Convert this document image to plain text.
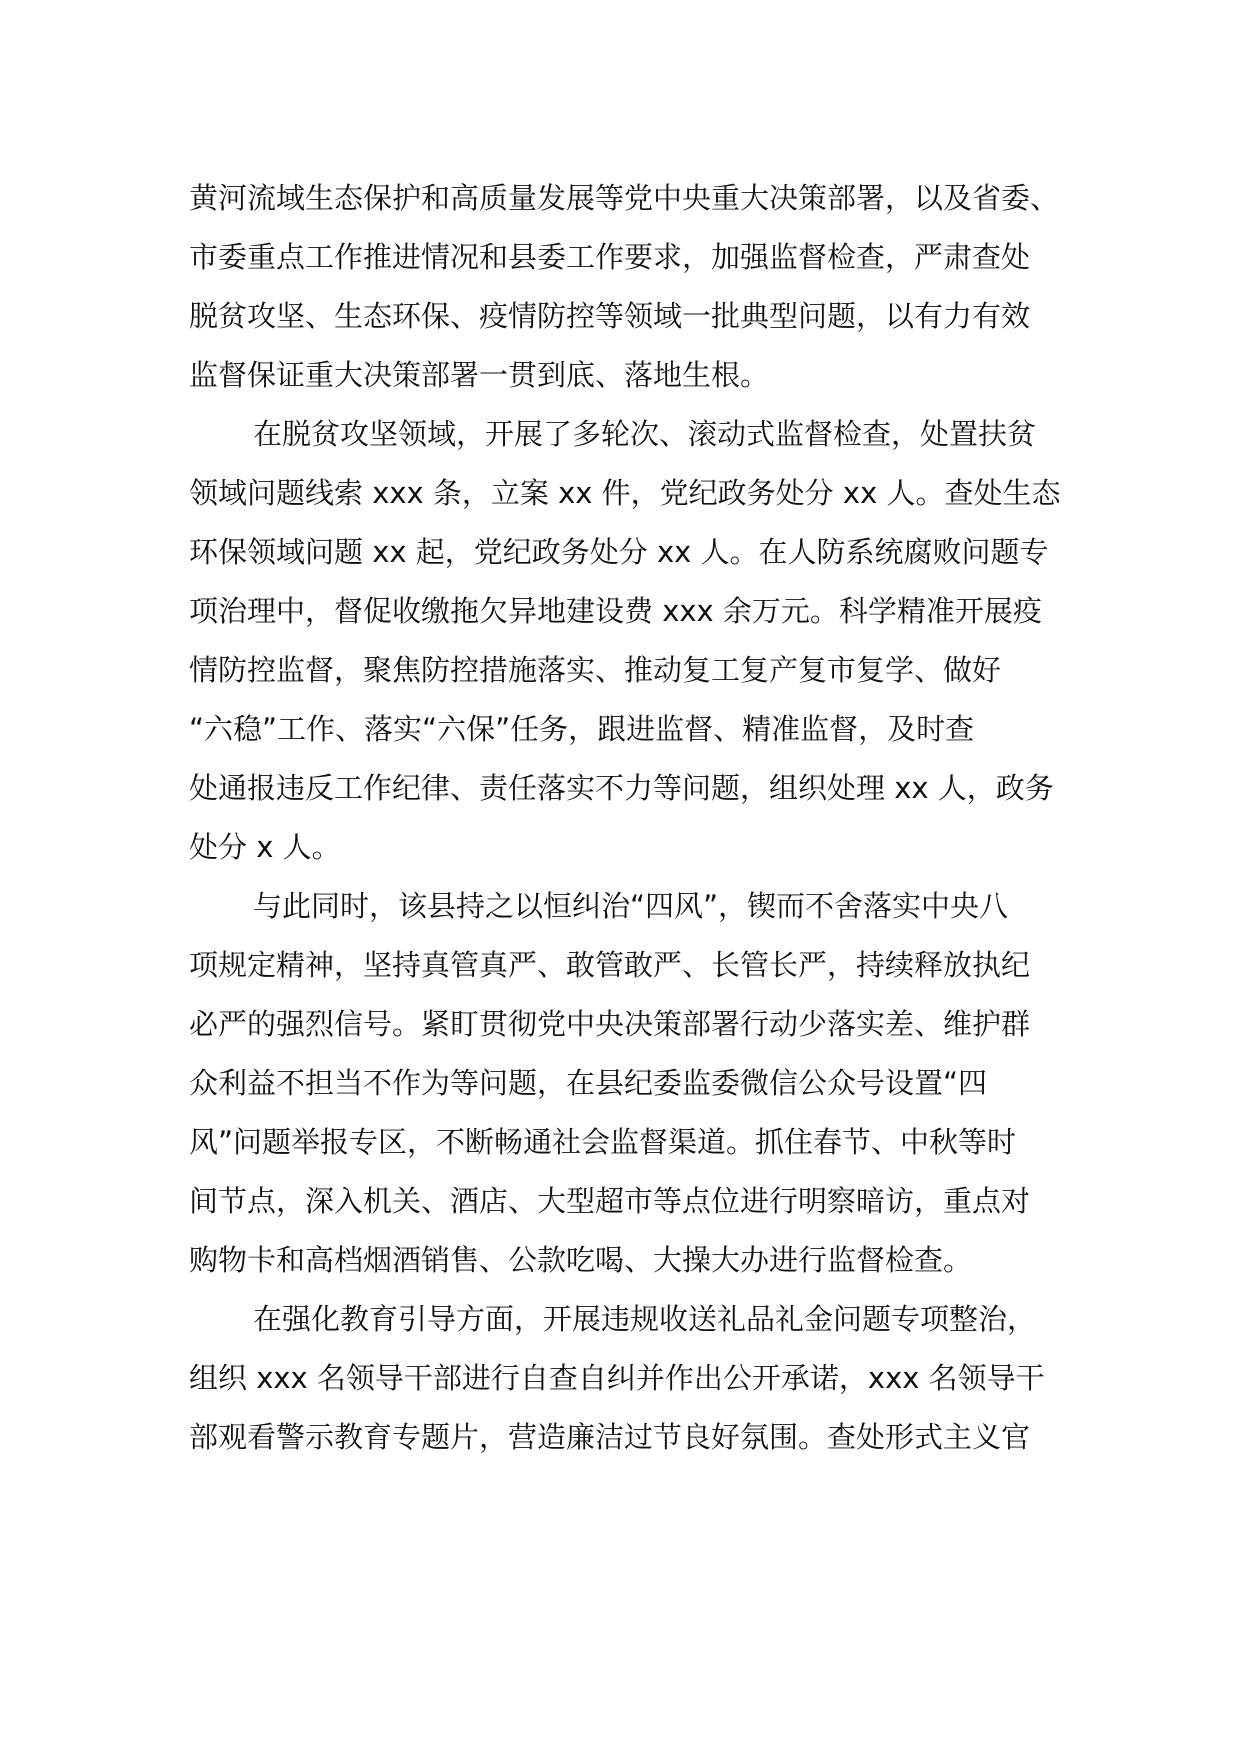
黄河流域生态保护和高质量发展等党中央重大决策部署，以及省委、
市委重点工作推进情况和县委工作要求，加强监督检查，严肃查处
脱贫攻坚、生态环保、疫情防控等领域一批典型问题，以有力有效
监督保证重大决策部署一贯到底、落地生根。
在脱贫攻坚领域，开展了多轮次、滚动式监督检查，处置扶贫
领域问题线索 xxx 条，立案 xx 件，党纪政务处分 xx 人。查处生态
环保领域问题 xx 起，党纪政务处分 xx 人。在人防系统腐败问题专
项治理中，督促收缴拖欠异地建设费 xxx 余万元。科学精准开展疫
情防控监督，聚焦防控措施落实、推动复工复产复市复学、做好
“六稳”工作、落实“六保”任务，跟进监督、精准监督，及时查
处通报违反工作纪律、责任落实不力等问题，组织处理 xx 人，政务
处分 x 人。
与此同时，该县持之以恒纠治“四风”，锲而不舍落实中央八
项规定精神，坚持真管真严、敢管敢严、长管长严，持续释放执纪
必严的强烈信号。紧盯贯彻党中央决策部署行动少落实差、维护群
众利益不担当不作为等问题，在县纪委监委微信公众号设置“四
风”问题举报专区，不断畅通社会监督渠道。抓住春节、中秋等时
间节点，深入机关、酒店、大型超市等点位进行明察暗访，重点对
购物卡和高档烟酒销售、公款吃喝、大操大办进行监督检查。
在强化教育引导方面，开展违规收送礼品礼金问题专项整治，
组织 xxx 名领导干部进行自查自纠并作出公开承诺，xxx 名领导干
部观看警示教育专题片，营造廉洁过节良好氛围。查处形式主义官
